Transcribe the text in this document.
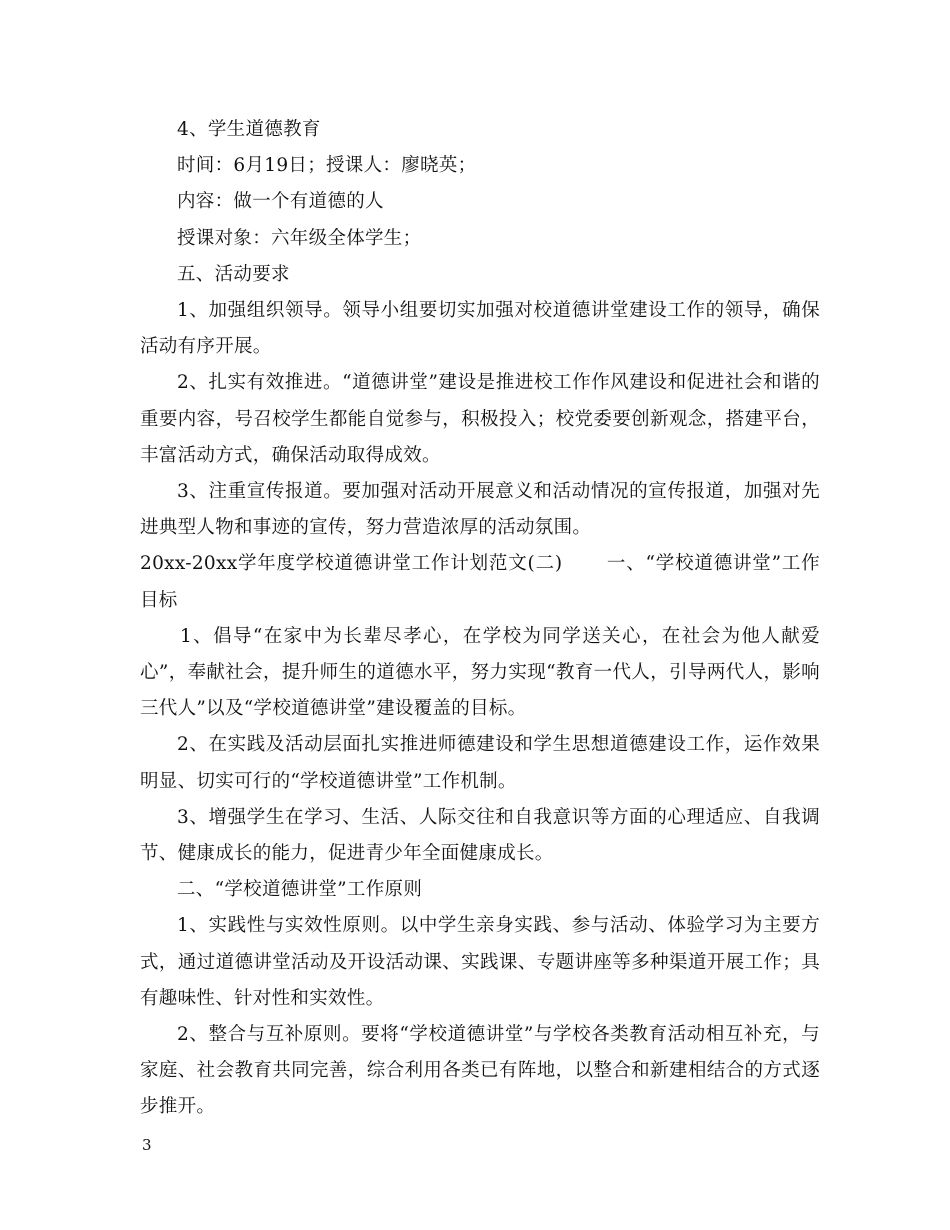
4、学生道德教育

时间：6月19日；授课人：廖晓英；

内容：做一个有道德的人

授课对象：六年级全体学生；

五、活动要求

1、加强组织领导。领导小组要切实加强对校道德讲堂建设工作的领导，确保活动有序开展。

2、扎实有效推进。“道德讲堂”建设是推进校工作作风建设和促进社会和谐的重要内容，号召校学生都能自觉参与，积极投入；校党委要创新观念，搭建平台，丰富活动方式，确保活动取得成效。

3、注重宣传报道。要加强对活动开展意义和活动情况的宣传报道，加强对先进典型人物和事迹的宣传，努力营造浓厚的活动氛围。

20xx-20xx学年度学校道德讲堂工作计划范文(二) 一、“学校道德讲堂”工作目标

1、倡导“在家中为长辈尽孝心，在学校为同学送关心，在社会为他人献爱心”，奉献社会，提升师生的道德水平，努力实现“教育一代人，引导两代人，影响三代人”以及“学校道德讲堂”建设覆盖的目标。

2、在实践及活动层面扎实推进师德建设和学生思想道德建设工作，运作效果明显、切实可行的“学校道德讲堂”工作机制。

3、增强学生在学习、生活、人际交往和自我意识等方面的心理适应、自我调节、健康成长的能力，促进青少年全面健康成长。

二、“学校道德讲堂”工作原则

1、实践性与实效性原则。以中学生亲身实践、参与活动、体验学习为主要方式，通过道德讲堂活动及开设活动课、实践课、专题讲座等多种渠道开展工作；具有趣味性、针对性和实效性。

2、整合与互补原则。要将“学校道德讲堂”与学校各类教育活动相互补充，与家庭、社会教育共同完善，综合利用各类已有阵地，以整合和新建相结合的方式逐步推开。

3
